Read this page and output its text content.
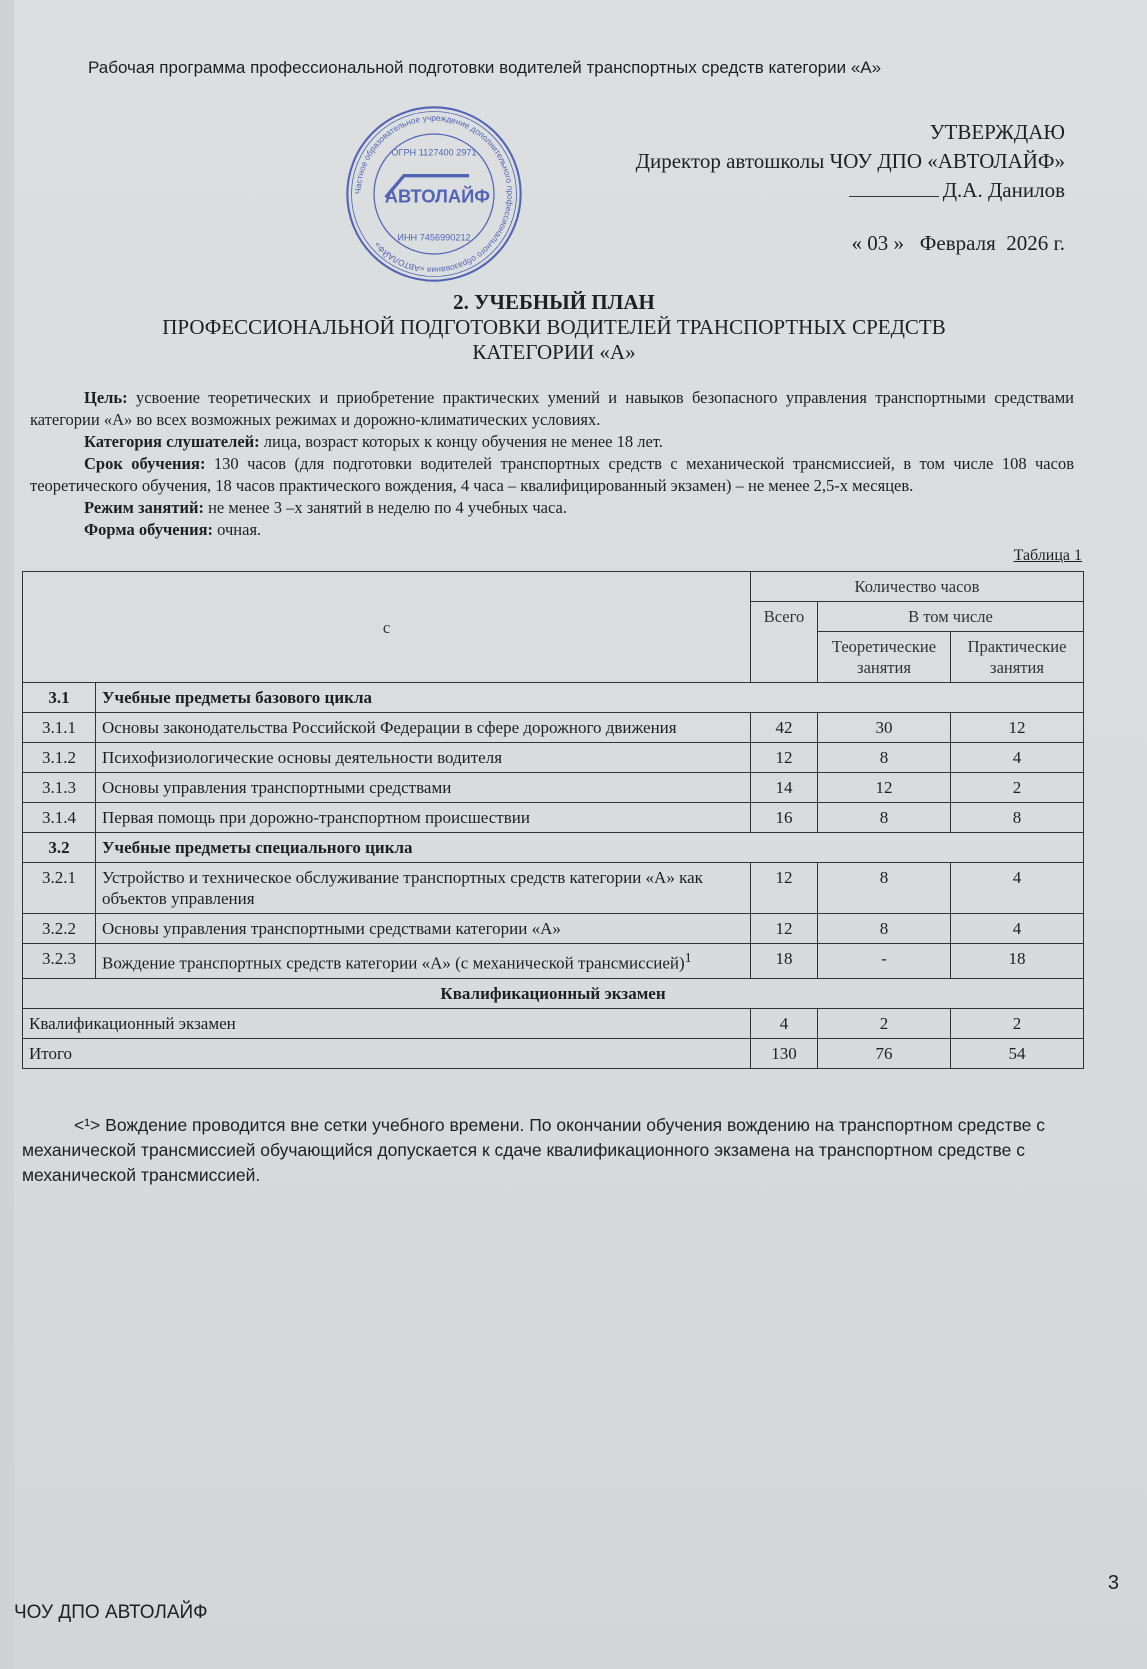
Рабочая программа профессиональной подготовки водителей транспортных средств категории «А»
УТВЕРЖДАЮ
Директор автошколы ЧОУ ДПО «АВТОЛАЙФ»
Д.А. Данилов
« 03 »   Февраля  2026 г.
Частное образовательное учреждение дополнительного профессионального образования «АВТОЛАЙФ»
ОГРН 1127400 2971
ИНН 7456990212
АВТОЛАЙФ
2. УЧЕБНЫЙ ПЛАН
ПРОФЕССИОНАЛЬНОЙ ПОДГОТОВКИ ВОДИТЕЛЕЙ ТРАНСПОРТНЫХ СРЕДСТВ
КАТЕГОРИИ «А»

Цель: усвоение теоретических и приобретение практических умений и навыков безопасного управления транспортными средствами категории «А» во всех возможных режимах и дорожно-климатических условиях.

Категория слушателей: лица, возраст которых к концу обучения не менее 18 лет.

Срок обучения: 130 часов (для подготовки водителей транспортных средств с механической трансмиссией, в том числе 108 часов теоретического обучения, 18 часов практического вождения, 4 часа – квалифицированный экзамен) – не менее 2,5-х месяцев.

Режим занятий: не менее 3 –х занятий в неделю по 4 учебных часа.

Форма обучения: очная.

Таблица 1
с		Количество часов		
		Всего	В том числе	
			Теоретические занятия	Практические занятия
3.1	Учебные предметы базового цикла			
3.1.1	Основы законодательства Российской Федерации в сфере дорожного движения	42	30	12
3.1.2	Психофизиологические основы деятельности водителя	12	8	4
3.1.3	Основы управления транспортными средствами	14	12	2
3.1.4	Первая помощь при дорожно-транспортном происшествии	16	8	8
3.2	Учебные предметы специального цикла			
3.2.1	Устройство и техническое обслуживание транспортных средств категории «А» как объектов управления	12	8	4
3.2.2	Основы управления транспортными средствами категории «А»	12	8	4
3.2.3	Вождение транспортных средств категории «А» (с механической трансмиссией)$^1$	18	-	18
Квалификационный экзамен				
Квалификационный экзамен		4	2	2
Итого		130	76	54

<¹> Вождение проводится вне сетки учебного времени. По окончании обучения вождению на транспортном средстве с механической трансмиссией обучающийся допускается к сдаче квалификационного экзамена на транспортном средстве с механической трансмиссией.

3
ЧОУ ДПО АВТОЛАЙФ
